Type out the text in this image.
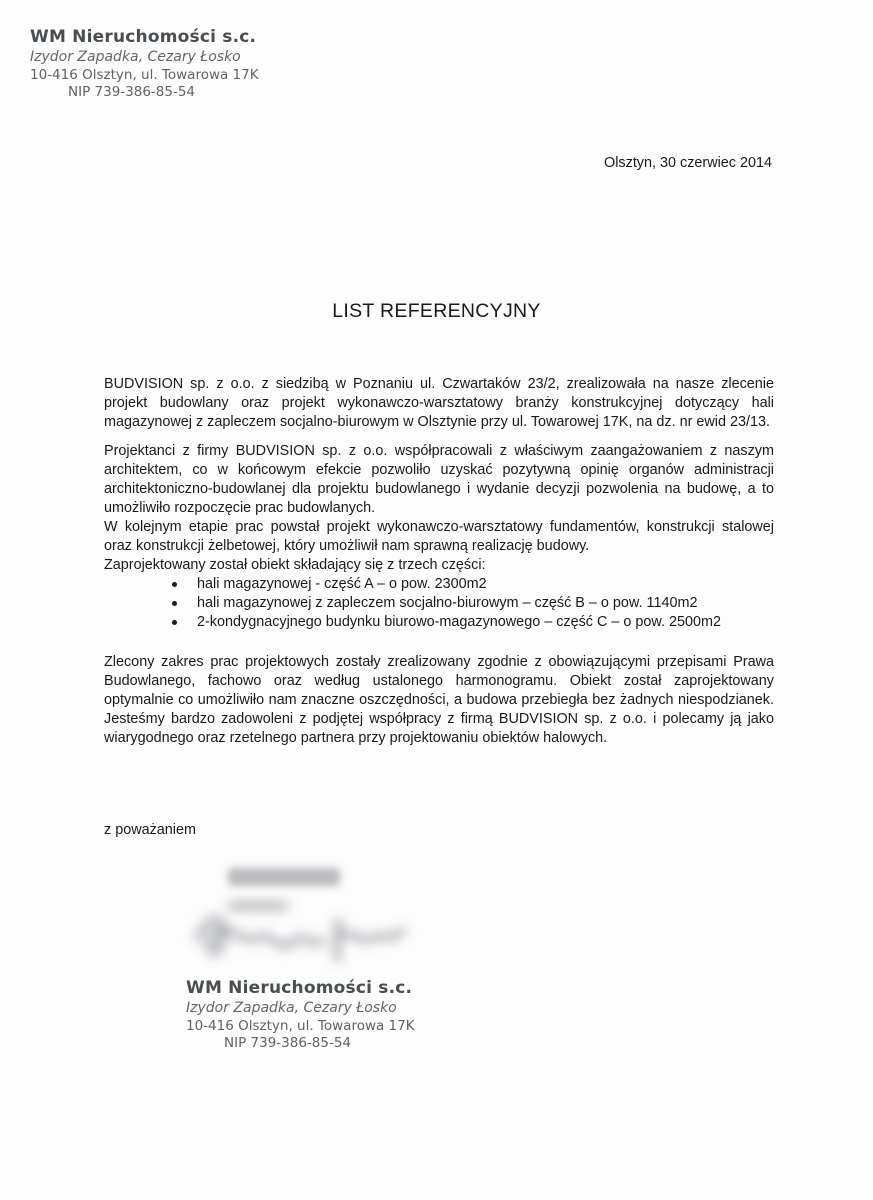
WM Nieruchomości s.c.
Izydor Zapadka, Cezary Łosko
10-416 Olsztyn, ul. Towarowa 17K
NIP 739-386-85-54
Olsztyn, 30 czerwiec 2014
LIST REFERENCYJNY

BUDVISION sp. z o.o. z siedzibą w Poznaniu ul. Czwartaków 23/2, zrealizowała na nasze zlecenie projekt budowlany oraz projekt wykonawczo-warsztatowy branży konstrukcyjnej dotyczący hali magazynowej z zapleczem socjalno-biurowym w Olsztynie przy ul. Towarowej 17K, na dz. nr ewid 23/13.

Projektanci z firmy BUDVISION sp. z o.o. współpracowali z właściwym zaangażowaniem z naszym architektem, co w końcowym efekcie pozwoliło uzyskać pozytywną opinię organów administracji architektoniczno-budowlanej dla projektu budowlanego i wydanie decyzji pozwolenia na budowę, a to umożliwiło rozpoczęcie prac budowlanych.

W kolejnym etapie prac powstał projekt wykonawczo-warsztatowy fundamentów, konstrukcji stalowej oraz konstrukcji żelbetowej, który umożliwił nam sprawną realizację budowy.

Zaprojektowany został obiekt składający się z trzech części:

hali magazynowej - część A – o pow. 2300m2
hali magazynowej z zapleczem socjalno-biurowym – część B – o pow. 1140m2
2-kondygnacyjnego budynku biurowo-magazynowego – część C – o pow. 2500m2

Zlecony zakres prac projektowych zostały zrealizowany zgodnie z obowiązującymi przepisami Prawa Budowlanego, fachowo oraz według ustalonego harmonogramu. Obiekt został zaprojektowany optymalnie co umożliwiło nam znaczne oszczędności, a budowa przebiegła bez żadnych niespodzianek. Jesteśmy bardzo zadowoleni z podjętej współpracy z firmą BUDVISION sp. z o.o. i polecamy ją jako wiarygodnego oraz rzetelnego partnera przy projektowaniu obiektów halowych.

z poważaniem
WM Nieruchomości s.c.
Izydor Zapadka, Cezary Łosko
10-416 Olsztyn, ul. Towarowa 17K
NIP 739-386-85-54
